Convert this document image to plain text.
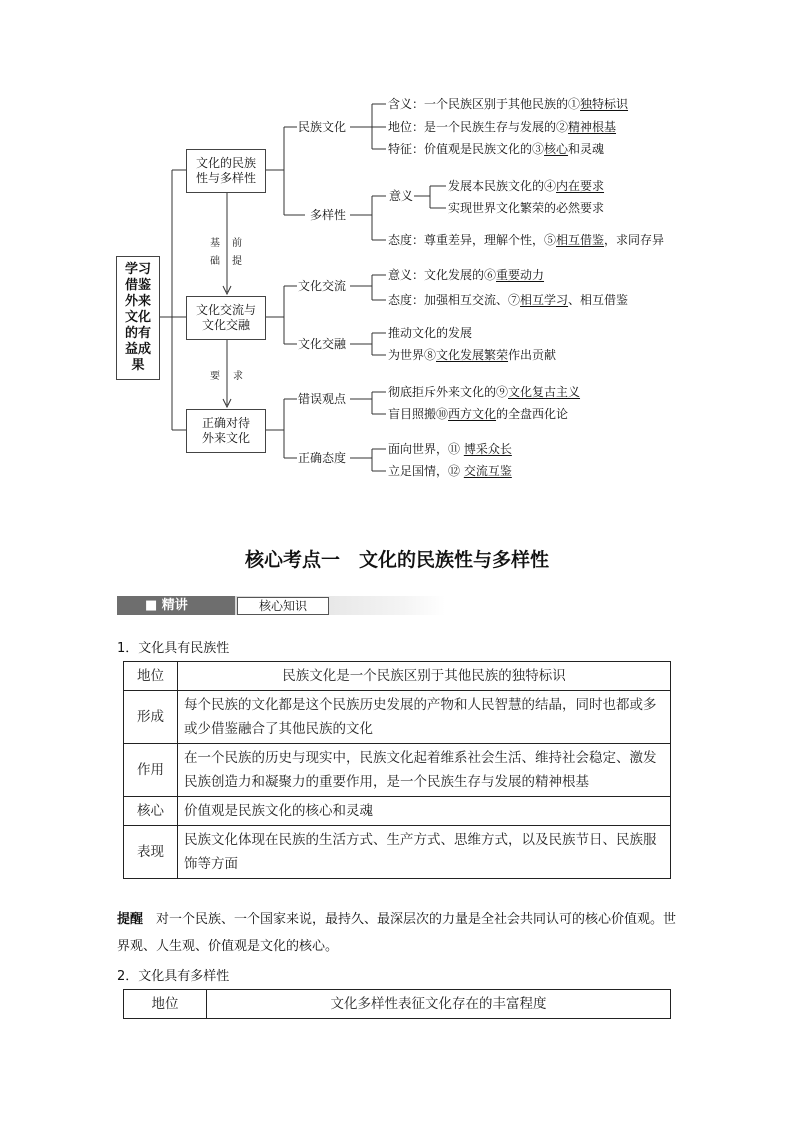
学习借鉴外来文化的有益成果
文化的民族性与多样性
文化交流与文化交融
正确对待外来文化
基础
前提
要 求
民族文化
多样性
意义
文化交流
文化交融
错误观点
正确态度
含义：一个民族区别于其他民族的①独特标识
地位：是一个民族生存与发展的②精神根基
特征：价值观是民族文化的③核心和灵魂
发展本民族文化的④内在要求
实现世界文化繁荣的必然要求
态度：尊重差异，理解个性，⑤相互借鉴，求同存异
意义：文化发展的⑥重要动力
态度：加强相互交流、⑦相互学习、相互借鉴
推动文化的发展
为世界⑧文化发展繁荣作出贡献
彻底拒斥外来文化的⑨文化复古主义
盲目照搬⑩西方文化的全盘西化论
面向世界，⑪ 博采众长
立足国情，⑫ 交流互鉴
核心考点一　文化的民族性与多样性
■ 精讲	核心知识
1．文化具有民族性
地位	民族文化是一个民族区别于其他民族的独特标识
形成	每个民族的文化都是这个民族历史发展的产物和人民智慧的结晶，同时也都或多或少借鉴融合了其他民族的文化
作用	在一个民族的历史与现实中，民族文化起着维系社会生活、维持社会稳定、激发民族创造力和凝聚力的重要作用，是一个民族生存与发展的精神根基
核心	价值观是民族文化的核心和灵魂
表现	民族文化体现在民族的生活方式、生产方式、思维方式，以及民族节日、民族服饰等方面
提醒　对一个民族、一个国家来说，最持久、最深层次的力量是全社会共同认可的核心价值观。世界观、人生观、价值观是文化的核心。
2．文化具有多样性
地位	文化多样性表征文化存在的丰富程度
